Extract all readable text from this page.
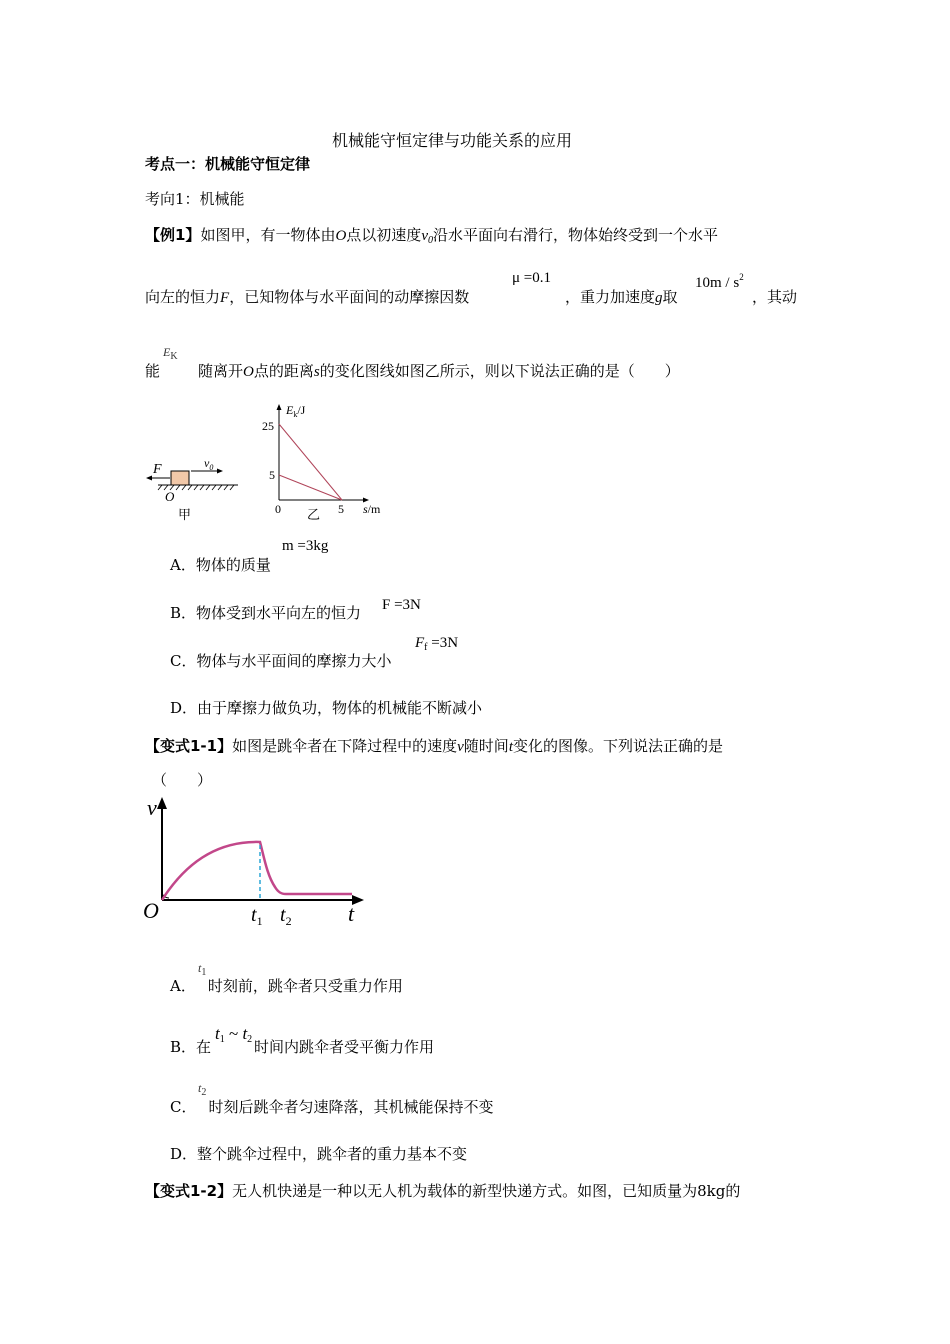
机械能守恒定律与功能关系的应用
考点一：机械能守恒定律
考向1：机械能
【例1】如图甲，有一物体由O点以初速度$v_0$沿水平面向右滑行，物体始终受到一个水平
μ =0.1	$10m / s^2$
向左的恒力F，已知物体与水平面间的动摩擦因数	，重力加速度g取	，其动
$E_K$
能	随离开O点的距离s的变化图线如图乙所示，则以下说法正确的是（　　）
F	$v_0$
O
甲
$E_k/J$
25
5
0	5 s/m
乙
m =3kg
A．物体的质量
F =3N
B．物体受到水平向左的恒力
$F_f =3N$
C．物体与水平面间的摩擦力大小
D．由于摩擦力做负功，物体的机械能不断减小
【变式1-1】如图是跳伞者在下降过程中的速度v随时间t变化的图像。下列说法正确的是
（　　）
v
O	$t_1$ $t_2$	t
$t_1$
A． 时刻前，跳伞者只受重力作用
$t_1$ ~ $t_2$
B．在	时间内跳伞者受平衡力作用
$t_2$
C． 时刻后跳伞者匀速降落，其机械能保持不变
D．整个跳伞过程中，跳伞者的重力基本不变
【变式1-2】无人机快递是一种以无人机为载体的新型快递方式。如图，已知质量为8kg的
